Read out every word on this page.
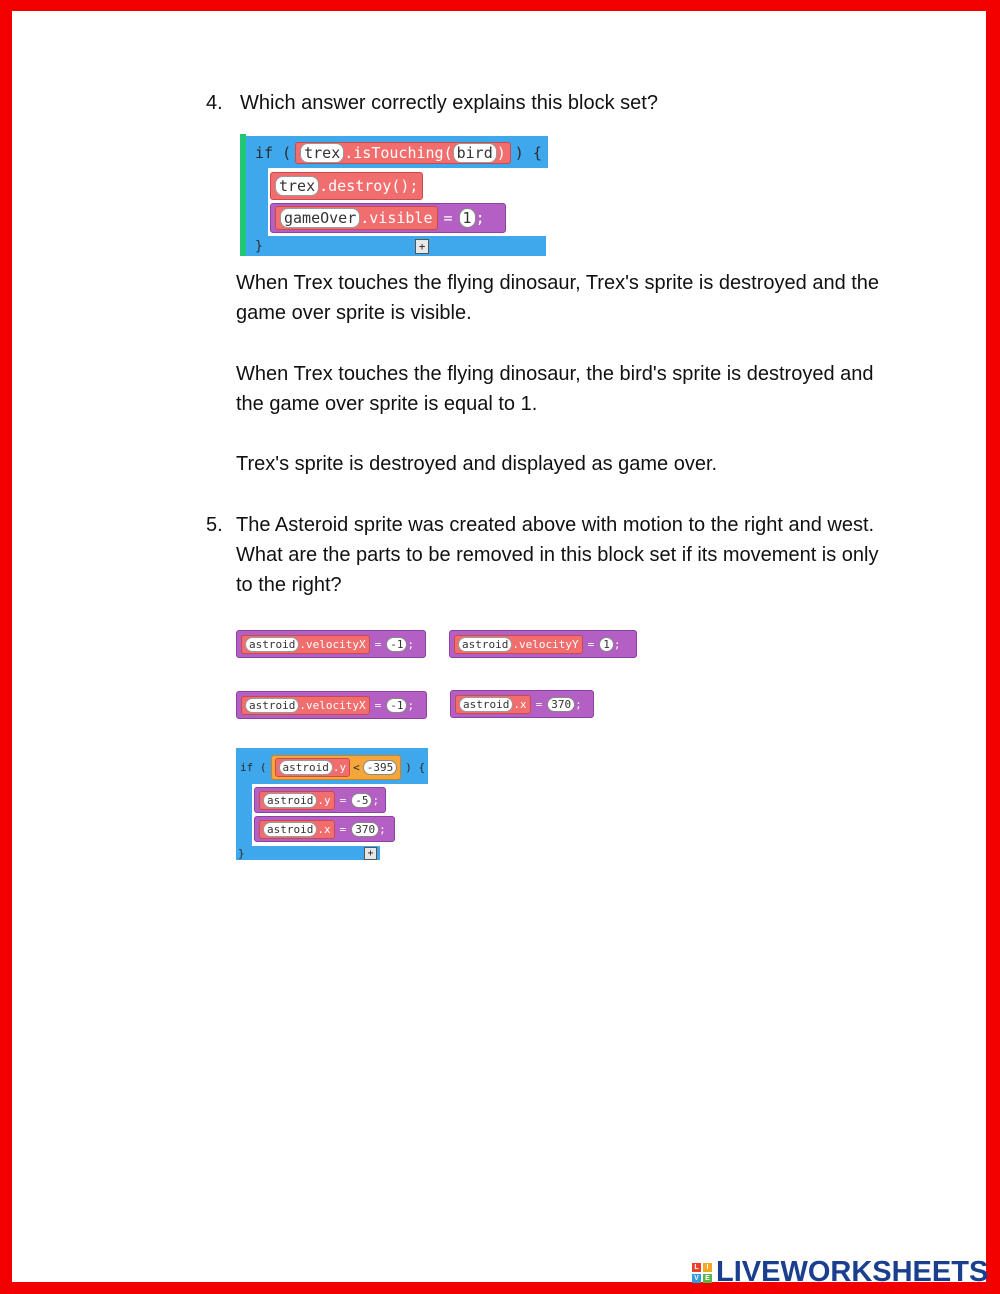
4. Which answer correctly explains this block set?
if ( trex .isTouching( bird ) ) {
trex .destroy();
gameOver .visible = 1 ;
}	+
When Trex touches the flying dinosaur, Trex's sprite is destroyed and the game over sprite is visible.
When Trex touches the flying dinosaur, the bird's sprite is destroyed and the game over sprite is equal to 1.
Trex's sprite is destroyed and displayed as game over.
5. The Asteroid sprite was created above with motion to the right and west. What are the parts to be removed in this block set if its movement is only to the right?
astroid .velocityX = -1 ;	astroid .velocityY = 1 ;
astroid .velocityX = -1 ;	astroid .x = 370 ;
if (	astroid .y < -395	) {
astroid .y = -5 ;
astroid .x = 370 ;
}	+
L	I
V E LIVEWORKSHEETS
